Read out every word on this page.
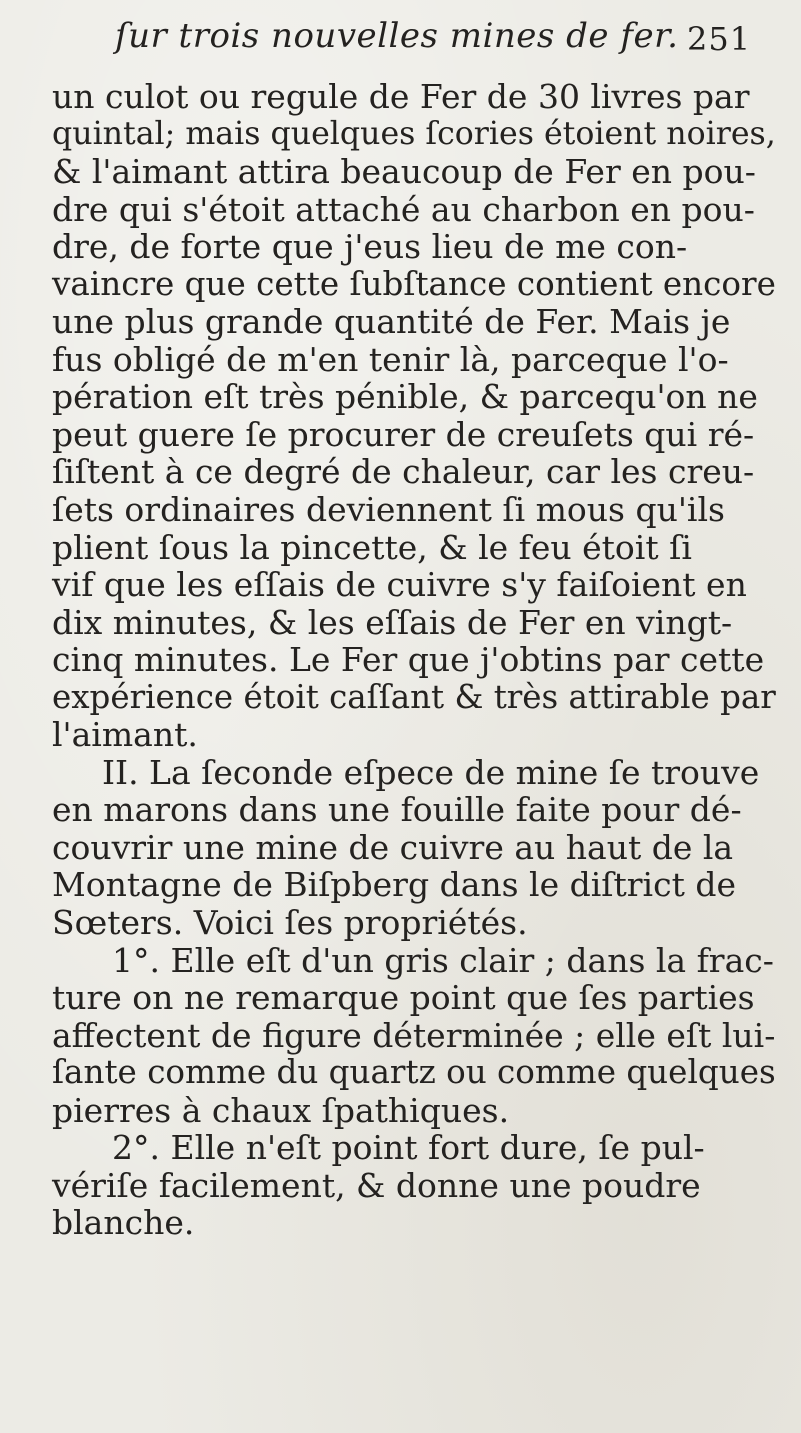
ſur trois nouvelles mines de fer. 251
un culot ou regule de Fer de 30 livres par
quintal; mais quelques ſcories étoient noires,
& l'aimant attira beaucoup de Fer en pou-
dre qui s'étoit attaché au charbon en pou-
dre, de forte que j'eus lieu de me con-
vaincre que cette ſubſtance contient encore
une plus grande quantité de Fer. Mais je
fus obligé de m'en tenir là, parceque l'o-
pération eſt très pénible, & parcequ'on ne
peut guere ſe procurer de creuſets qui ré-
ſiſtent à ce degré de chaleur, car les creu-
ſets ordinaires deviennent ſi mous qu'ils
plient ſous la pincette, & le feu étoit ſi
vif que les eſſais de cuivre s'y faiſoient en
dix minutes, & les eſſais de Fer en vingt-
cinq minutes. Le Fer que j'obtins par cette
expérience étoit caſſant & très attirable par
l'aimant.
II. La ſeconde eſpece de mine ſe trouve
en marons dans une fouille faite pour dé-
couvrir une mine de cuivre au haut de la
Montagne de Biſpberg dans le diſtrict de
Sœters. Voici ſes propriétés.
1°. Elle eſt d'un gris clair ; dans la frac-
ture on ne remarque point que ſes parties
affectent de figure déterminée ; elle eſt lui-
ſante comme du quartz ou comme quelques
pierres à chaux ſpathiques.
2°. Elle n'eſt point fort dure, ſe pul-
vériſe facilement, & donne une poudre
blanche.
